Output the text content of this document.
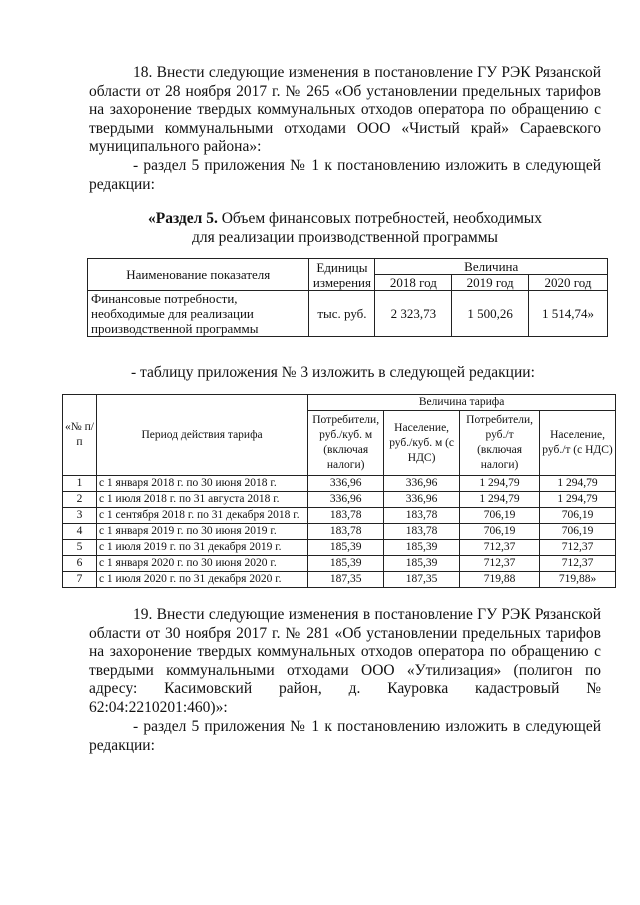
18. Внести следующие изменения в постановление ГУ РЭК Рязанской области от 28 ноября 2017 г. № 265 «Об установлении предельных тарифов на захоронение твердых коммунальных отходов оператора по обращению с твердыми коммунальными отходами ООО «Чистый край» Сараевского муниципального района»:

- раздел 5 приложения № 1 к постановлению изложить в следующей редакции:

«Раздел 5. Объем финансовых потребностей, необходимых
для реализации производственной программы

Наименование показателя	Единицы измерения	Величина		
		2018 год	2019 год	2020 год
Финансовые потребности, необходимые для реализации производственной программы	тыс. руб.	2 323,73	1 500,26	1 514,74»

- таблицу приложения № 3 изложить в следующей редакции:

«№ п/п	Период действия тарифа	Величина тарифа			
		Потребители, руб./куб. м (включая налоги)	Население, руб./куб. м (с НДС)	Потребители, руб./т (включая налоги)	Население, руб./т (с НДС)
1	с 1 января 2018 г. по 30 июня 2018 г.	336,96	336,96	1 294,79	1 294,79
2	с 1 июля 2018 г. по 31 августа 2018 г.	336,96	336,96	1 294,79	1 294,79
3	с 1 сентября 2018 г. по 31 декабря 2018 г.	183,78	183,78	706,19	706,19
4	с 1 января 2019 г. по 30 июня 2019 г.	183,78	183,78	706,19	706,19
5	с 1 июля 2019 г. по 31 декабря 2019 г.	185,39	185,39	712,37	712,37
6	с 1 января 2020 г. по 30 июня 2020 г.	185,39	185,39	712,37	712,37
7	с 1 июля 2020 г. по 31 декабря 2020 г.	187,35	187,35	719,88	719,88»

19. Внести следующие изменения в постановление ГУ РЭК Рязанской области от 30 ноября 2017 г. № 281 «Об установлении предельных тарифов на захоронение твердых коммунальных отходов оператора по обращению с твердыми коммунальными отходами ООО «Утилизация» (полигон по адресу: Касимовский район, д. Кауровка кадастровый № 62:04:2210201:460)»:

- раздел 5 приложения № 1 к постановлению изложить в следующей редакции:
